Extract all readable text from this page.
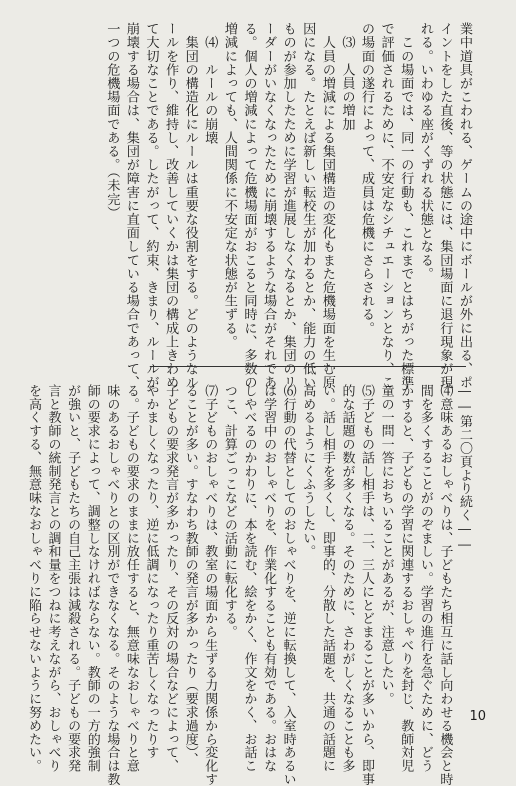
業中道具がこわれる、ゲームの途中にボールが外に出る、ポ

イントをした直後、等の状態には、集団場面に退行現象が現

れる。いわゆる座がくずれる状態となる。

　この場面では、同一の行動も、これまでとはちがった標準

で評価されるために、不安定なシチュエーションとなり、こ

の場面の遂行によって、成員は危機にさらされる。

　⑶　人員の増加

　人員の増減による集団構造の変化もまた危機場面を生む原

因になる。たとえば新しい転校生が加わるとか、能力の低い

ものが参加したために学習が進展しなくなるとか、集団のリ

ーダーがいなくなったために崩壊するような場合がそれであ

る。個人の増減によって危機場面がおこると同時に、多数の

増減によっても、人間関係に不安定な状態が生ずる。

　⑷　ルールの崩壊

　集団の構造化にルールは重要な役割をする。どのようなル

ールを作り、維持し、改善していくかは集団の構成上きわめ

て大切なことである。したがって、約束、きまり、ルールが

崩壊する場合は、集団が障害に直面している場合であって、

一つの危機場面である。（未完）

――第二〇頁より続く――

⑷意味あるおしゃべりは、子どもたち相互に話し向わせる機会と時

間を多くすることがのぞましい。学習の進行を急ぐために、どう

かすると、子どもの学習に関連するおしゃべりを封じ、教師対児

童の一問一答におちいることがあるが、注意したい。

⑸子どもの話し相手は、二、三人にとどまることが多いから、即事

的な話題の数が多くなる。そのために、さわがしくなることも多

い。話し相手を多くし、即事的、分散した話題を、共通の話題に

高めるようにくふうしたい。

⑹行動の代替としてのおしゃべりを、逆に転換して、入室時あるい

は学習中のおしゃべりを、作業化することも有効である。おはな

しやべるのかわりに、本を読む、絵をかく、作文をかく、お話こ

つこ、計算ごっこなどの活動に転化する。

⑺子どものおしゃべりは、教室の場面から生ずる力関係から変化す

ることが多い。すなわち教師の発言が多かったり（要求過度）、

子どもの要求発言が多かったり、その反対の場合などによって、

やかましくなったり、逆に低調になったり重苦しくなったりす

る。子どもの要求のままに放任すると、無意味なおしゃべりと意

味のあるおしゃべりとの区別ができなくなる。そのような場合は教

師の要求によって、調整しなければならない。教師の一方的強制

が強いと、子どもたちの自己主張は減殺される。子どもの要求発

言と教師の統制発言との調和量をつねに考えながら、おしゃべり

を高くする、無意味なおしゃべりに陥らせないように努めたい。	10
